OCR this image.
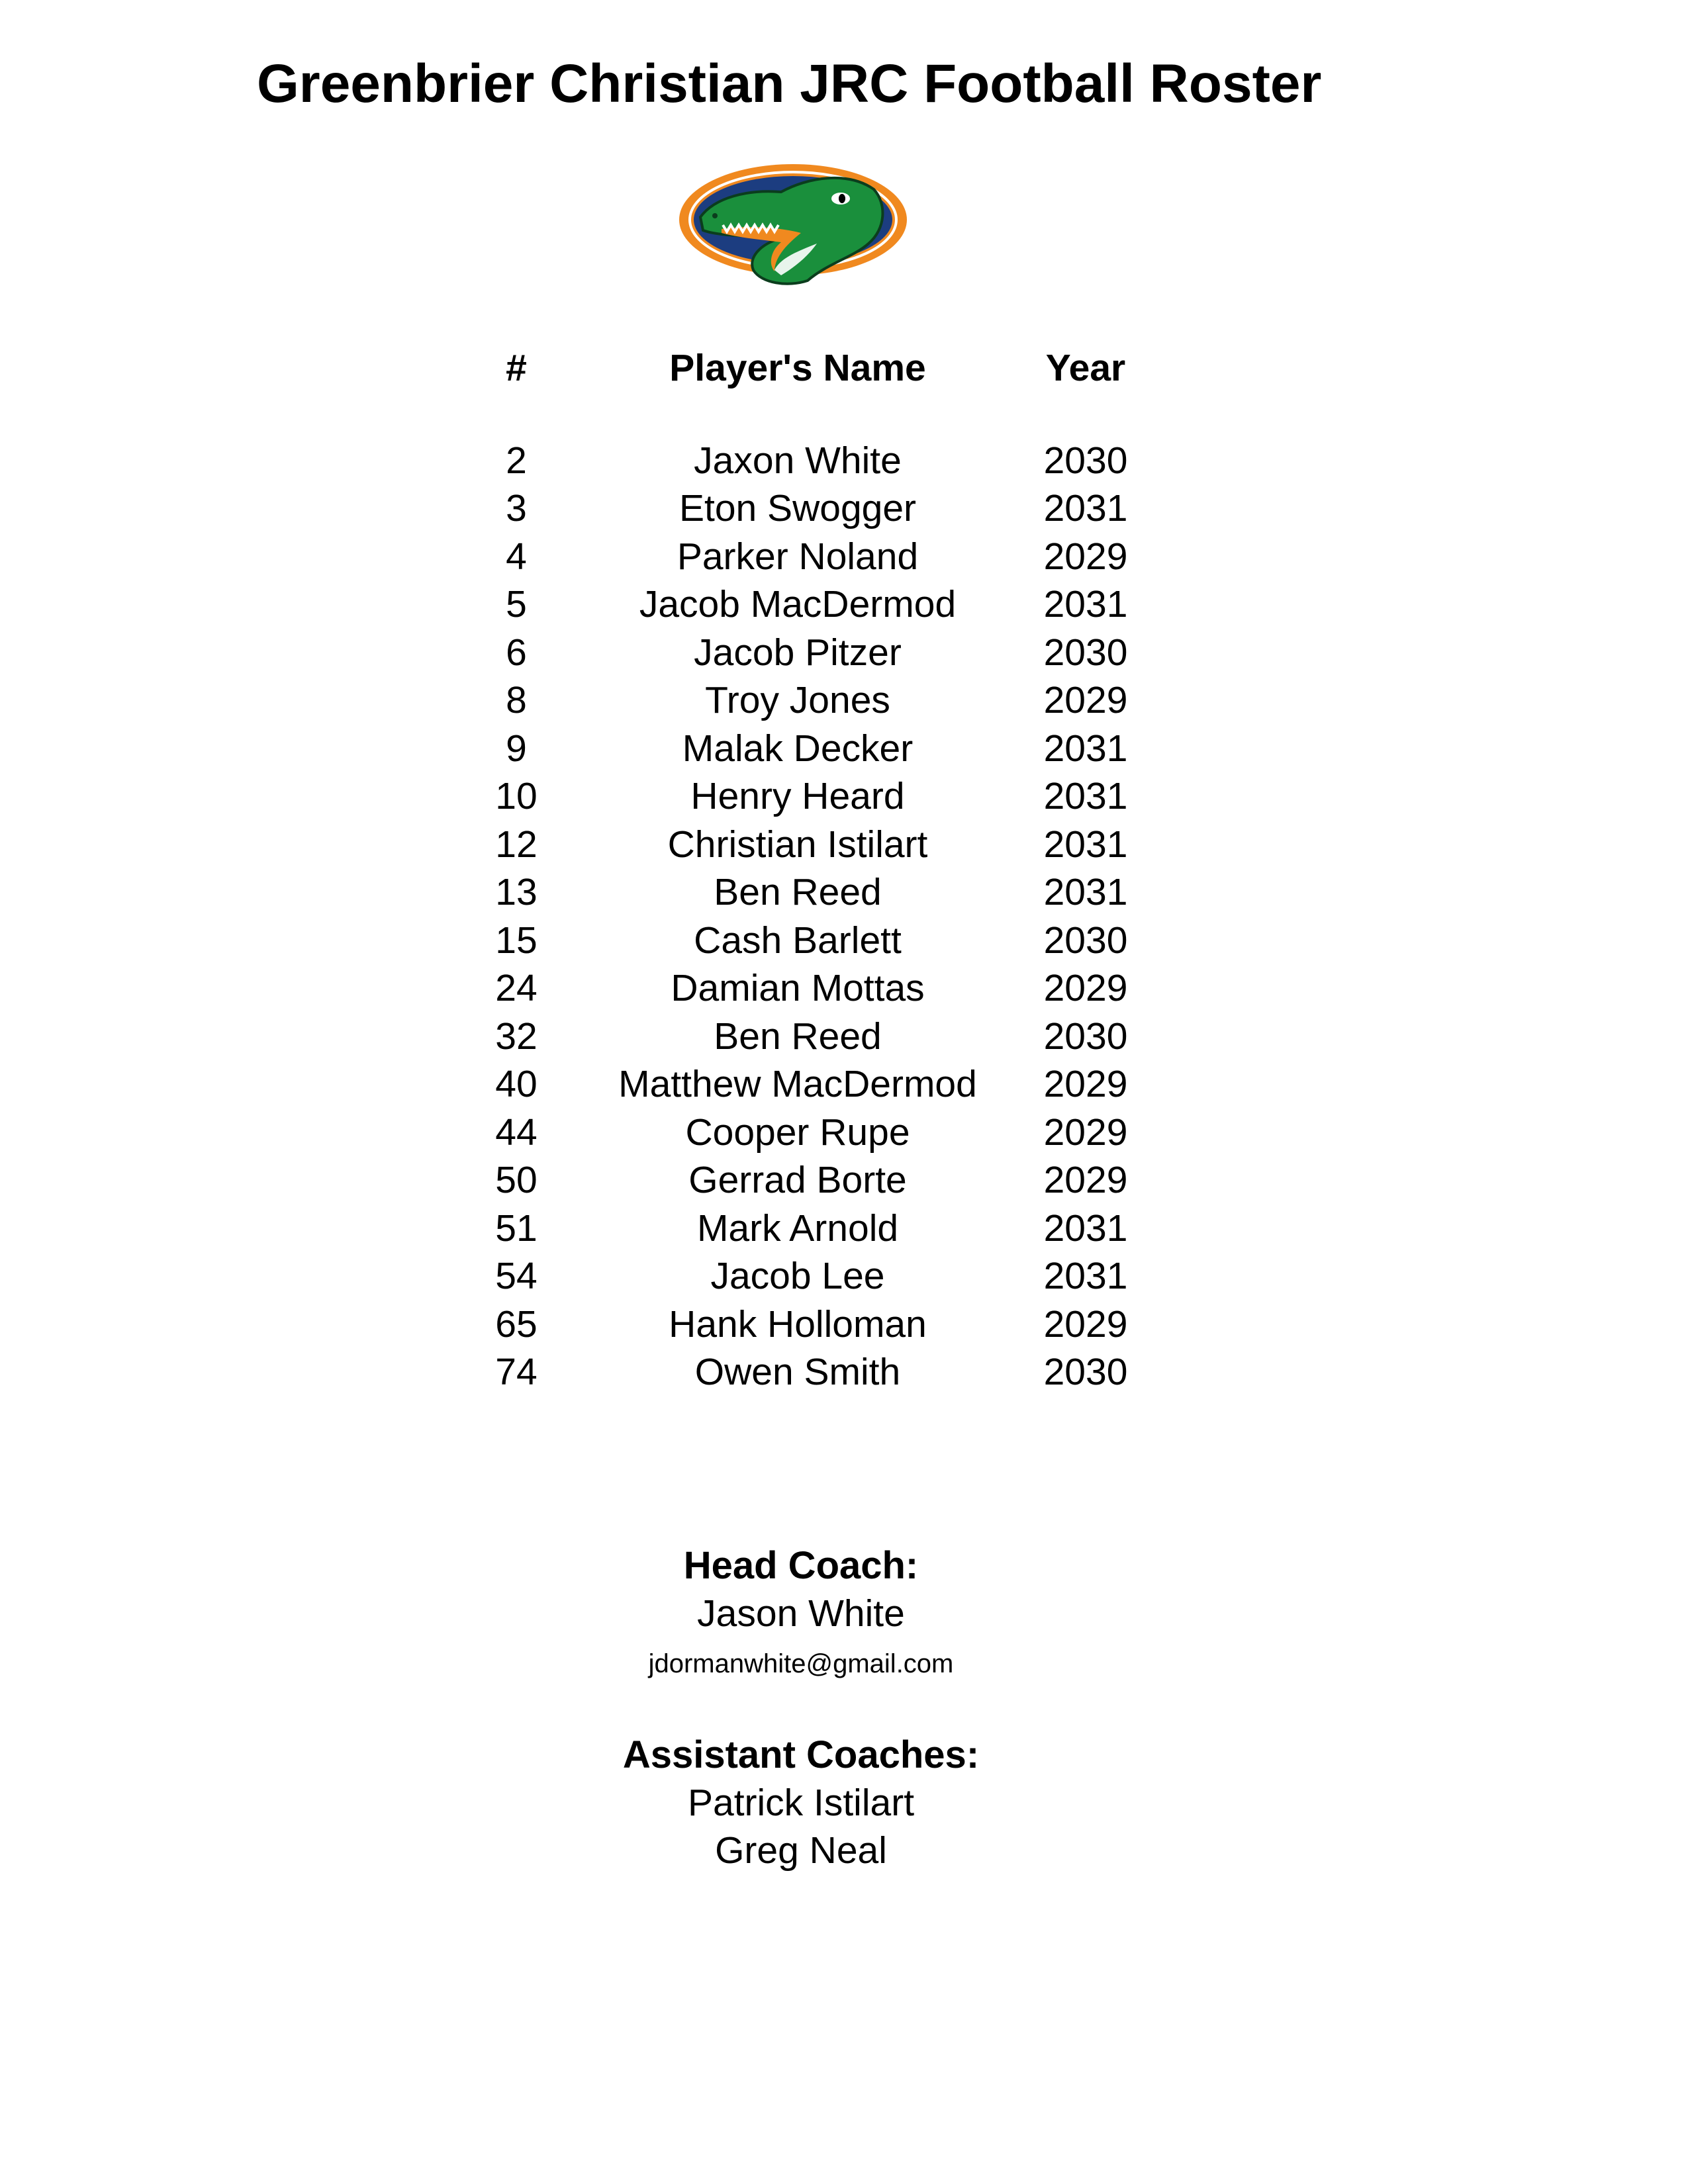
Greenbrier Christian JRC Football Roster
#	Player's Name	Year
2	Jaxon White	2030
3	Eton Swogger	2031
4	Parker Noland	2029
5	Jacob MacDermod	2031
6	Jacob Pitzer	2030
8	Troy Jones	2029
9	Malak Decker	2031
10	Henry Heard	2031
12	Christian Istilart	2031
13	Ben Reed	2031
15	Cash Barlett	2030
24	Damian Mottas	2029
32	Ben Reed	2030
40	Matthew MacDermod	2029
44	Cooper Rupe	2029
50	Gerrad Borte	2029
51	Mark Arnold	2031
54	Jacob Lee	2031
65	Hank Holloman	2029
74	Owen Smith	2030
Head Coach:
Jason White
jdormanwhite@gmail.com
Assistant Coaches:
Patrick Istilart
Greg Neal
